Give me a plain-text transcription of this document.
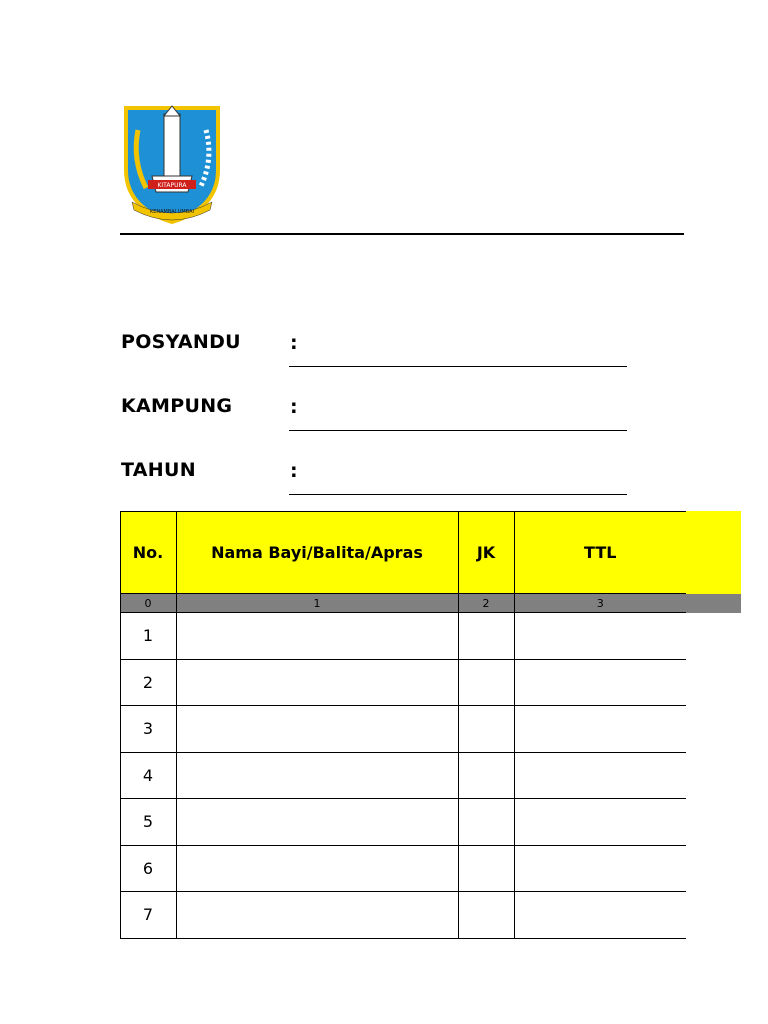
KITAPURA
KENAMBAI UMBAI
POSYANDU	:
KAMPUNG	:
TAHUN	:
No.	Nama Bayi/Balita/Apras	JK	TTL
0	1	2	3
1			
2			
3			
4			
5			
6			
7			
